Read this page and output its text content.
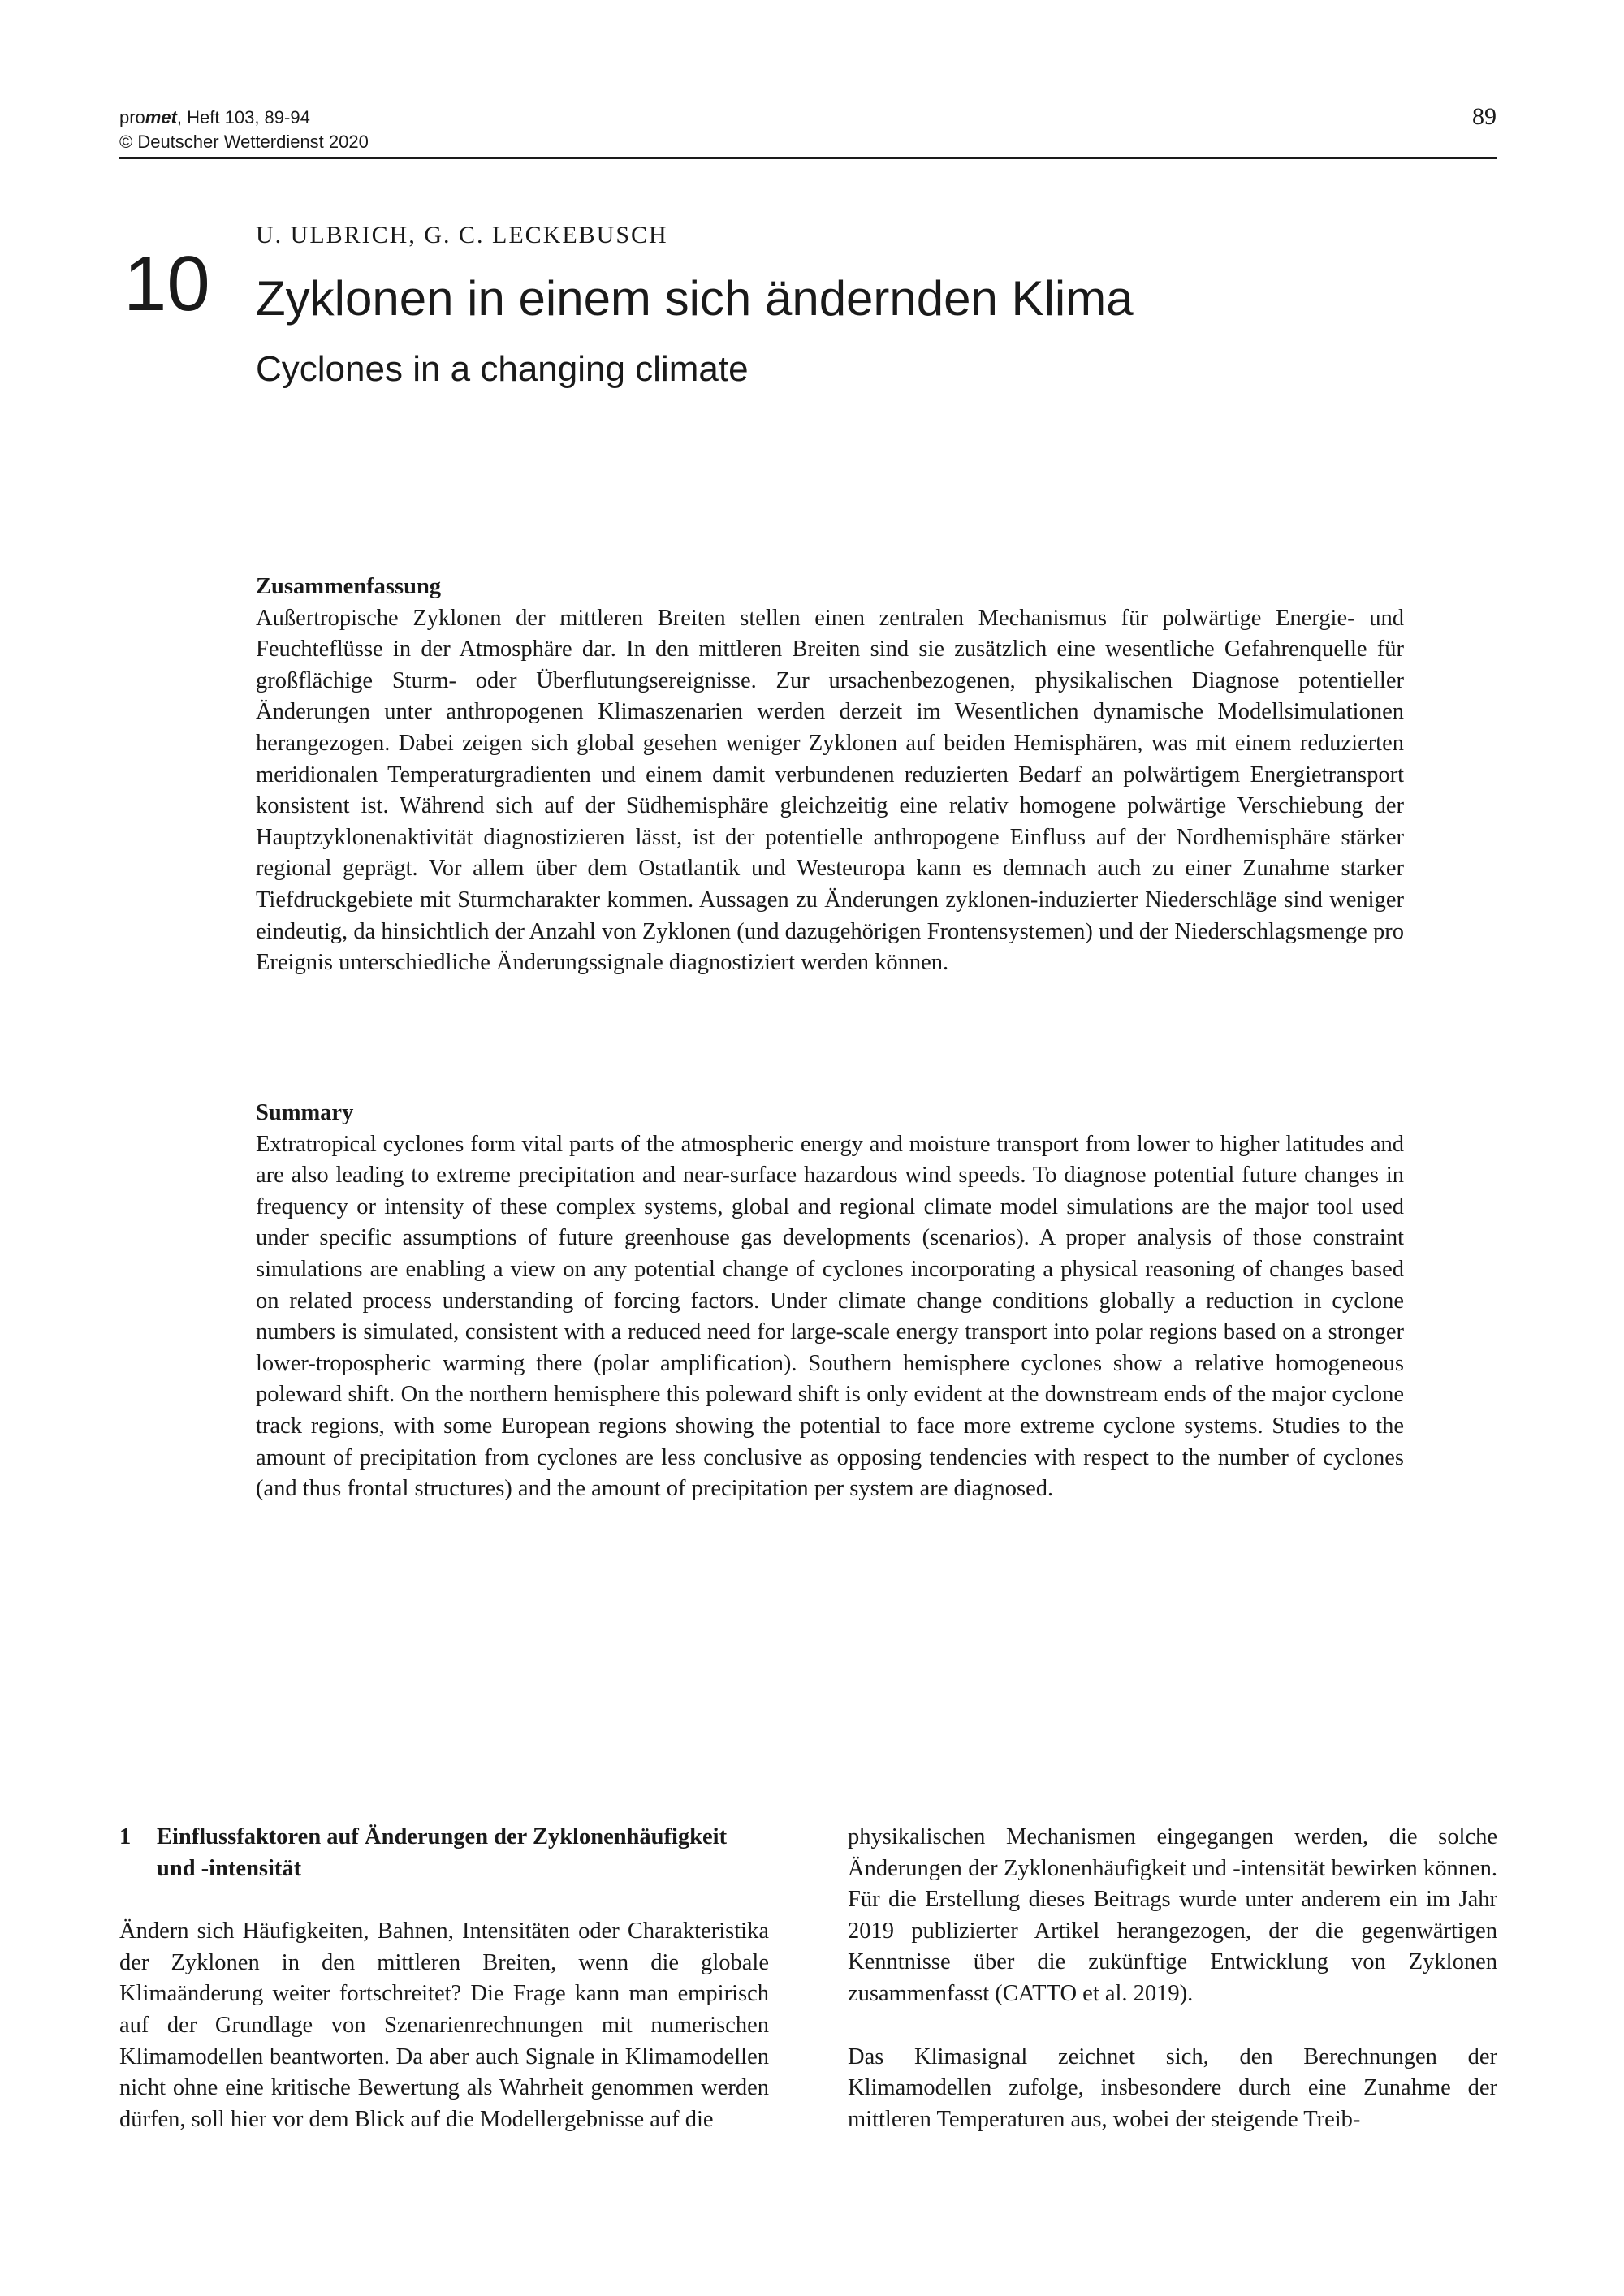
promet, Heft 103, 89-94
© Deutscher Wetterdienst 2020
89
10
U. ULBRICH, G. C. LECKEBUSCH
Zyklonen in einem sich ändernden Klima
Cyclones in a changing climate
Zusammenfassung
Außertropische Zyklonen der mittleren Breiten stellen einen zentralen Mechanismus für polwärtige Energie- und Feuchteflüsse in der Atmosphäre dar. In den mittleren Breiten sind sie zusätzlich eine wesentliche Gefahrenquelle für großflächige Sturm- oder Überflutungsereignisse. Zur ursachenbezogenen, physikalischen Diagnose potentieller Änderungen unter anthropogenen Klimaszenarien werden derzeit im Wesentlichen dynamische Modellsimulationen herangezogen. Dabei zeigen sich global gesehen weniger Zyklonen auf beiden Hemisphären, was mit einem reduzierten meridionalen Temperaturgradienten und einem damit verbundenen reduzierten Bedarf an polwärtigem Energietransport konsistent ist. Während sich auf der Südhemisphäre gleichzeitig eine relativ homogene polwärtige Verschiebung der Hauptzyklonenaktivität diagnostizieren lässt, ist der potentielle anthropogene Einfluss auf der Nordhemisphäre stärker regional geprägt. Vor allem über dem Ostatlantik und Westeuropa kann es demnach auch zu einer Zunahme starker Tiefdruckgebiete mit Sturmcharakter kommen. Aussagen zu Änderungen zyklonen-induzierter Niederschläge sind weniger eindeutig, da hinsichtlich der Anzahl von Zyklonen (und dazugehörigen Frontensystemen) und der Niederschlagsmenge pro Ereignis unterschiedliche Änderungssignale diagnostiziert werden können.
Summary
Extratropical cyclones form vital parts of the atmospheric energy and moisture transport from lower to higher latitudes and are also leading to extreme precipitation and near-surface hazardous wind speeds. To diagnose potential future changes in frequency or intensity of these complex systems, global and regional climate model simulations are the major tool used under specific assumptions of future greenhouse gas developments (scenarios). A proper analysis of those constraint simulations are enabling a view on any potential change of cyclones incorporating a physical reasoning of changes based on related process understanding of forcing factors. Under climate change conditions globally a reduction in cyclone numbers is simulated, consistent with a reduced need for large-scale energy transport into polar regions based on a stronger lower-tropospheric warming there (polar amplification). Southern hemisphere cyclones show a relative homogeneous poleward shift. On the northern hemisphere this poleward shift is only evident at the downstream ends of the major cyclone track regions, with some European regions showing the potential to face more extreme cyclone systems. Studies to the amount of precipitation from cyclones are less conclusive as opposing tendencies with respect to the number of cyclones (and thus frontal structures) and the amount of precipitation per system are diagnosed.
1	Einflussfaktoren auf Änderungen der Zyklonenhäufigkeit und -intensität

Ändern sich Häufigkeiten, Bahnen, Intensitäten oder Charakteristika der Zyklonen in den mittleren Breiten, wenn die globale Klimaänderung weiter fortschreitet? Die Frage kann man empirisch auf der Grundlage von Szenarienrechnungen mit numerischen Klimamodellen beantworten. Da aber auch Signale in Klimamodellen nicht ohne eine kritische Bewertung als Wahrheit genommen werden dürfen, soll hier vor dem Blick auf die Modellergebnisse auf die

physikalischen Mechanismen eingegangen werden, die solche Änderungen der Zyklonenhäufigkeit und -intensität bewirken können. Für die Erstellung dieses Beitrags wurde unter anderem ein im Jahr 2019 publizierter Artikel herangezogen, der die gegenwärtigen Kenntnisse über die zukünftige Entwicklung von Zyklonen zusammenfasst (CATTO et al. 2019).

Das Klimasignal zeichnet sich, den Berechnungen der Klimamodellen zufolge, insbesondere durch eine Zunahme der mittleren Temperaturen aus, wobei der steigende Treib-
